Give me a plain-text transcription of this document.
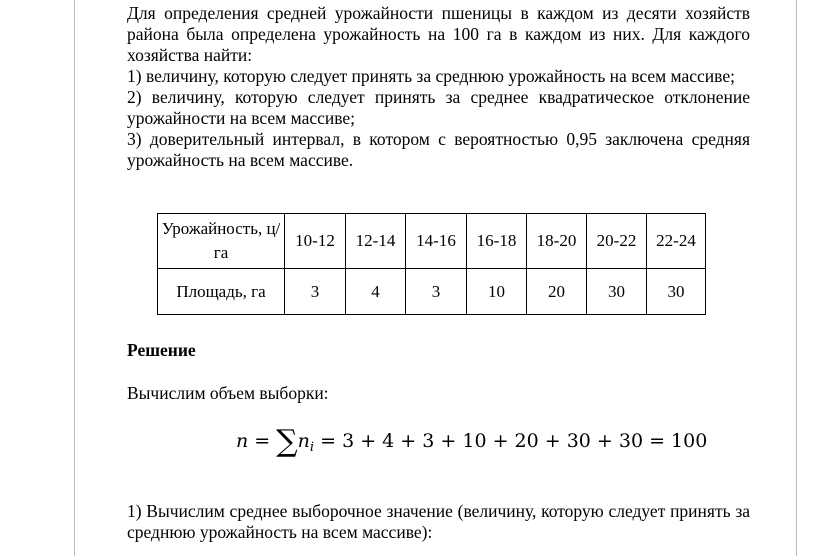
Для определения средней урожайности пшеницы в каждом из десяти хозяйств района была определена урожайность на 100 га в каждом из них. Для каждого хозяйства найти:

1) величину, которую следует принять за среднюю урожайность на всем массиве;

2) величину, которую следует принять за среднее квадратическое отклонение урожайности на всем массиве;

3) доверительный интервал, в котором с вероятностью 0,95 заключена средняя урожайность на всем массиве.

Урожайность, ц/га	10-12	12-14	14-16	16-18	18-20	20-22	22-24
Площадь, га	3	4	3	10	20	30	30
Решение
Вычислим объем выборки:
$n = \sum n_i = 3 + 4 + 3 + 10 + 20 + 30 + 30 = 100$
1) Вычислим среднее выборочное значение (величину, которую следует принять за среднюю урожайность на всем массиве):
